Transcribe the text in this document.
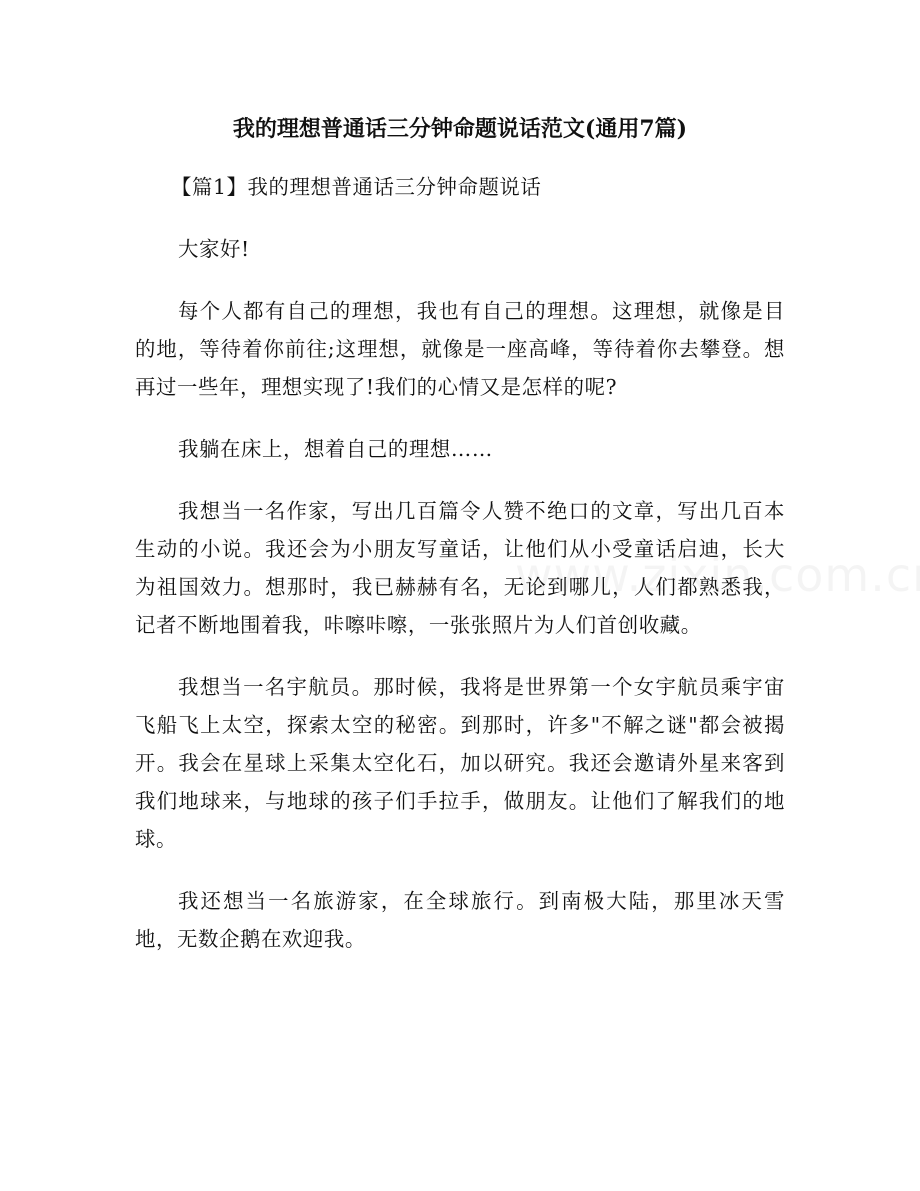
我的理想普通话三分钟命题说话范文(通用7篇)

【篇1】我的理想普通话三分钟命题说话

大家好!

每个人都有自己的理想，我也有自己的理想。这理想，就像是目的地，等待着你前往;这理想，就像是一座高峰，等待着你去攀登。想再过一些年，理想实现了!我们的心情又是怎样的呢?

我躺在床上，想着自己的理想……

我想当一名作家，写出几百篇令人赞不绝口的文章，写出几百本生动的小说。我还会为小朋友写童话，让他们从小受童话启迪，长大为祖国效力。想那时，我已赫赫有名，无论到哪儿，人们都熟悉我，记者不断地围着我，咔嚓咔嚓，一张张照片为人们首创收藏。

我想当一名宇航员。那时候，我将是世界第一个女宇航员乘宇宙飞船飞上太空，探索太空的秘密。到那时，许多"不解之谜"都会被揭开。我会在星球上采集太空化石，加以研究。我还会邀请外星来客到我们地球来，与地球的孩子们手拉手，做朋友。让他们了解我们的地球。

我还想当一名旅游家，在全球旅行。到南极大陆，那里冰天雪地，无数企鹅在欢迎我。
